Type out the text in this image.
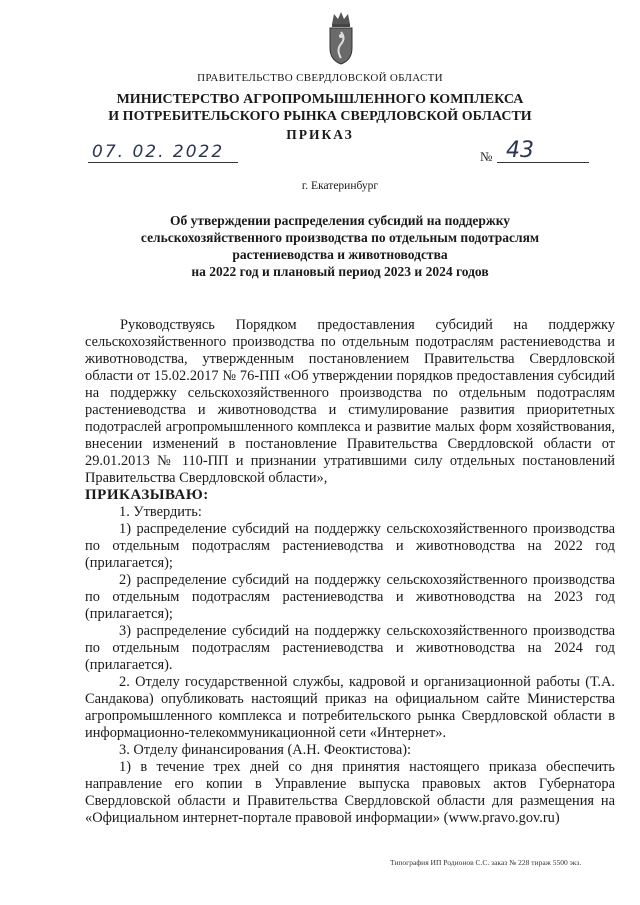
ПРАВИТЕЛЬСТВО СВЕРДЛОВСКОЙ ОБЛАСТИ
МИНИСТЕРСТВО АГРОПРОМЫШЛЕННОГО КОМПЛЕКСА
И ПОТРЕБИТЕЛЬСКОГО РЫНКА СВЕРДЛОВСКОЙ ОБЛАСТИ
ПРИКАЗ
07. 02. 2022	№ 43
г. Екатеринбург
Об утверждении распределения субсидий на поддержку
сельскохозяйственного производства по отдельным подотраслям
растениеводства и животноводства
на 2022 год и плановый период 2023 и 2024 годов

Руководствуясь Порядком предоставления субсидий на поддержку сельскохозяйственного производства по отдельным подотраслям растениеводства и животноводства, утвержденным постановлением Правительства Свердловской области от 15.02.2017 № 76-ПП «Об утверждении порядков предоставления субсидий на поддержку сельскохозяйственного производства по отдельным подотраслям растениеводства и животноводства и стимулирование развития приоритетных подотраслей агропромышленного комплекса и развитие малых форм хозяйствования, внесении изменений в постановление Правительства Свердловской области от 29.01.2013 № 110-ПП и признании утратившими силу отдельных постановлений Правительства Свердловской области»,

ПРИКАЗЫВАЮ:

1. Утвердить:

1) распределение субсидий на поддержку сельскохозяйственного производства по отдельным подотраслям растениеводства и животноводства на 2022 год (прилагается);

2) распределение субсидий на поддержку сельскохозяйственного производства по отдельным подотраслям растениеводства и животноводства на 2023 год (прилагается);

3) распределение субсидий на поддержку сельскохозяйственного производства по отдельным подотраслям растениеводства и животноводства на 2024 год (прилагается).

2. Отделу государственной службы, кадровой и организационной работы (Т.А. Сандакова) опубликовать настоящий приказ на официальном сайте Министерства агропромышленного комплекса и потребительского рынка Свердловской области в информационно-телекоммуникационной сети «Интернет».

3. Отделу финансирования (А.Н. Феоктистова):

1) в течение трех дней со дня принятия настоящего приказа обеспечить направление его копии в Управление выпуска правовых актов Губернатора Свердловской области и Правительства Свердловской области для размещения на «Официальном интернет-портале правовой информации» (www.pravo.gov.ru)

Типография ИП Родионов С.С. заказ № 228 тираж 5500 экз.
